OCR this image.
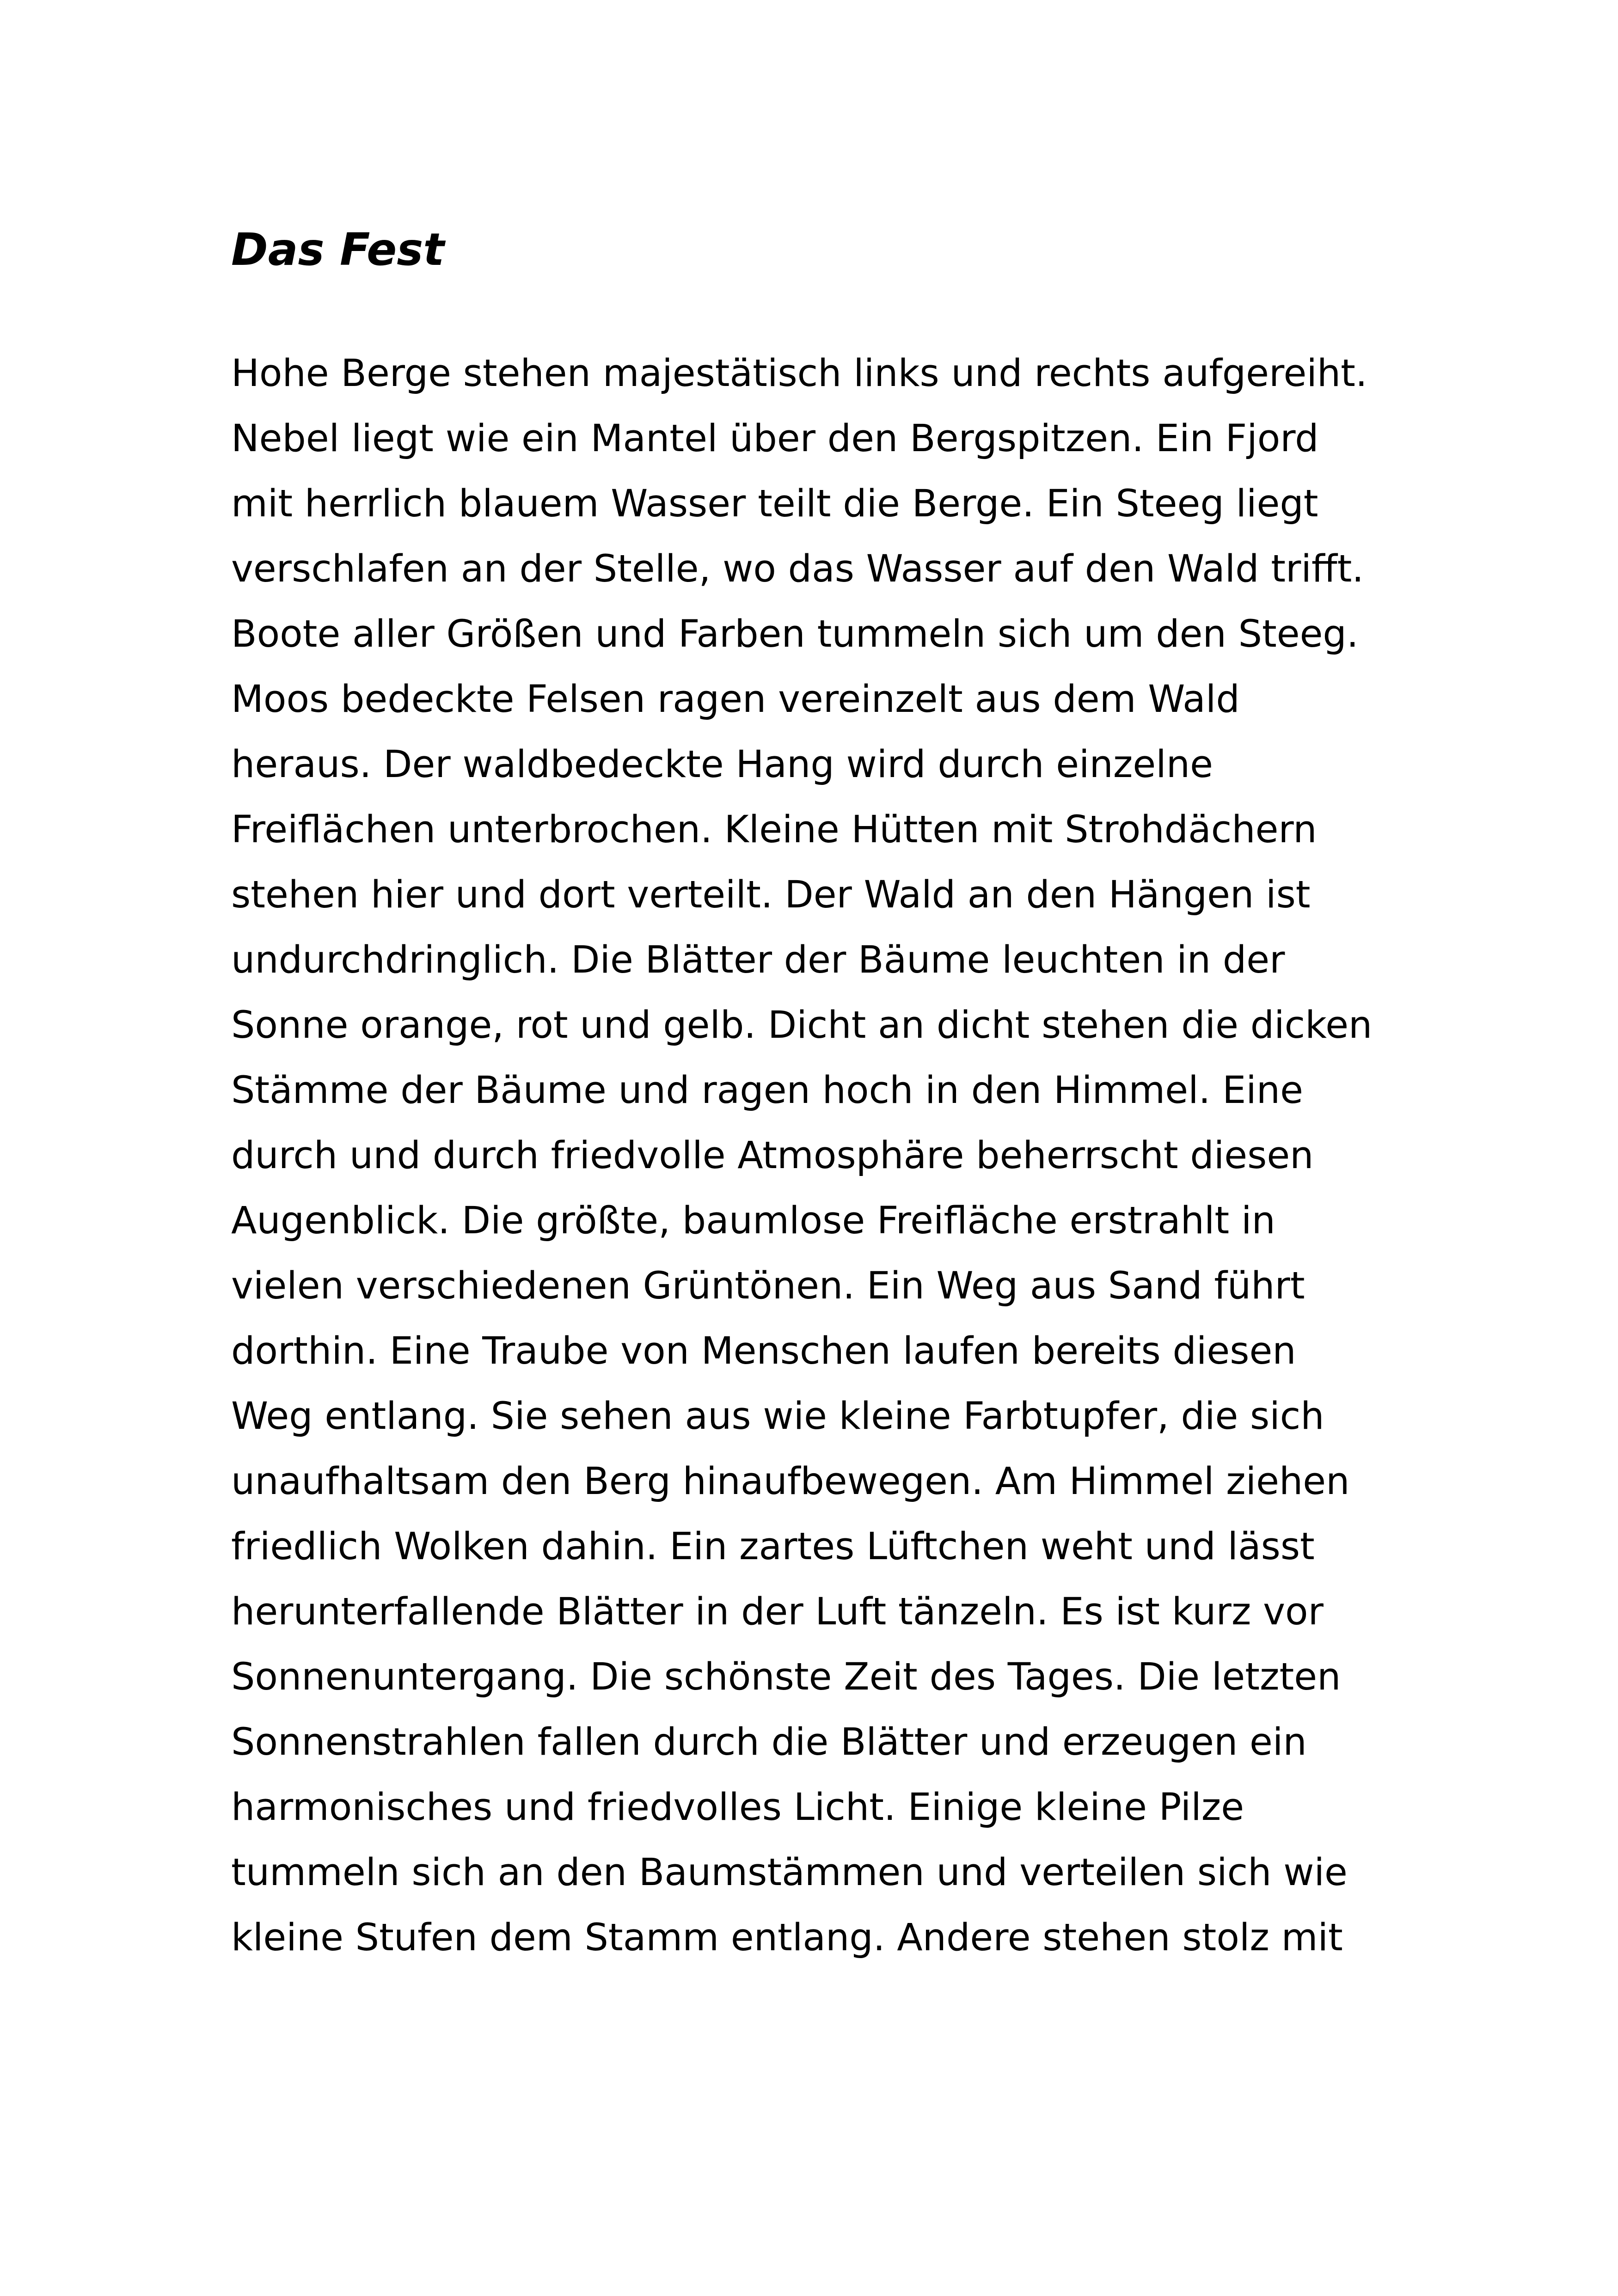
Das Fest
Hohe Berge stehen majestätisch links und rechts aufgereiht.
Nebel liegt wie ein Mantel über den Bergspitzen. Ein Fjord
mit herrlich blauem Wasser teilt die Berge. Ein Steeg liegt
verschlafen an der Stelle, wo das Wasser auf den Wald trifft.
Boote aller Größen und Farben tummeln sich um den Steeg.
Moos bedeckte Felsen ragen vereinzelt aus dem Wald
heraus. Der waldbedeckte Hang wird durch einzelne
Freiflächen unterbrochen. Kleine Hütten mit Strohdächern
stehen hier und dort verteilt. Der Wald an den Hängen ist
undurchdringlich. Die Blätter der Bäume leuchten in der
Sonne orange, rot und gelb. Dicht an dicht stehen die dicken
Stämme der Bäume und ragen hoch in den Himmel. Eine
durch und durch friedvolle Atmosphäre beherrscht diesen
Augenblick. Die größte, baumlose Freifläche erstrahlt in
vielen verschiedenen Grüntönen. Ein Weg aus Sand führt
dorthin. Eine Traube von Menschen laufen bereits diesen
Weg entlang. Sie sehen aus wie kleine Farbtupfer, die sich
unaufhaltsam den Berg hinaufbewegen. Am Himmel ziehen
friedlich Wolken dahin. Ein zartes Lüftchen weht und lässt
herunterfallende Blätter in der Luft tänzeln. Es ist kurz vor
Sonnenuntergang. Die schönste Zeit des Tages. Die letzten
Sonnenstrahlen fallen durch die Blätter und erzeugen ein
harmonisches und friedvolles Licht. Einige kleine Pilze
tummeln sich an den Baumstämmen und verteilen sich wie
kleine Stufen dem Stamm entlang. Andere stehen stolz mit
